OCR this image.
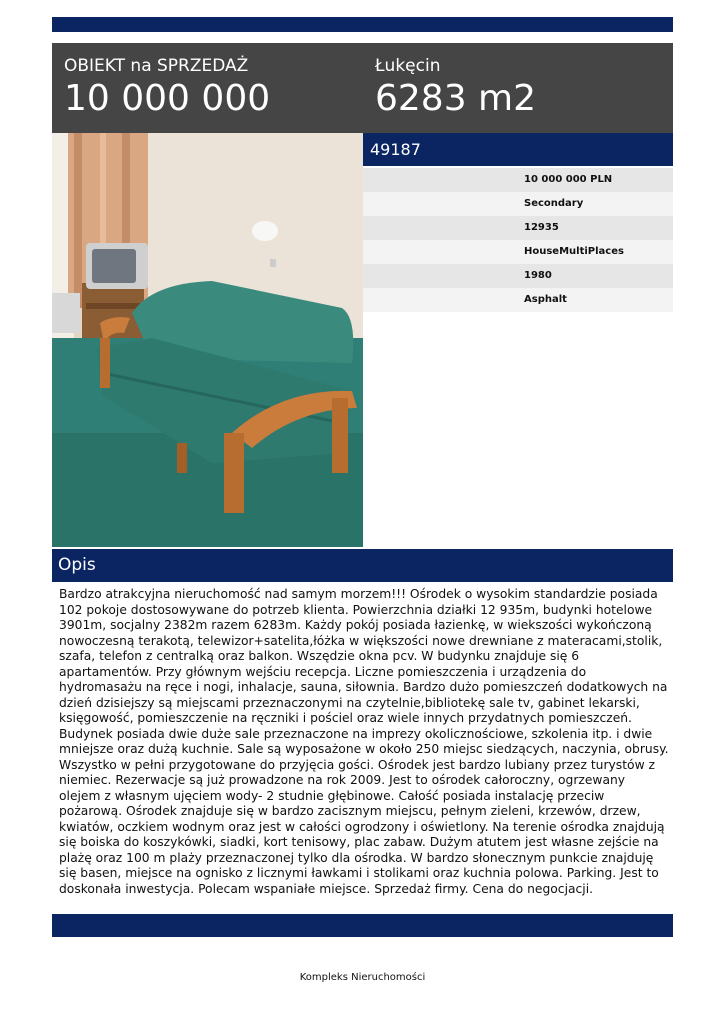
OBIEKT na SPRZEDAŻ
10 000 000
Łukęcin
6283 m2
49187
10 000 000 PLN
Secondary
12935
HouseMultiPlaces
1980
Asphalt
Opis

Bardzo atrakcyjna nieruchomość nad samym morzem!!! Ośrodek o wysokim standardzie posiada 102 pokoje dostosowywane do potrzeb klienta. Powierzchnia działki 12 935m, budynki hotelowe 3901m, socjalny 2382m razem 6283m. Każdy pokój posiada łazienkę, w wiekszości wykończoną nowoczesną terakotą, telewizor+satelita,łóżka w większości nowe drewniane z materacami,stolik, szafa, telefon z centralką oraz balkon. Wszędzie okna pcv. W budynku znajduje się 6 apartamentów. Przy głównym wejściu recepcja. Liczne pomieszczenia i urządzenia do hydromasażu na ręce i nogi, inhalacje, sauna, siłownia. Bardzo dużo pomieszczeń dodatkowych na dzień dzisiejszy są miejscami przeznaczonymi na czytelnie,bibliotekę sale tv, gabinet lekarski, księgowość, pomieszczenie na ręczniki i pościel oraz wiele innych przydatnych pomieszczeń. Budynek posiada dwie duże sale przeznaczone na imprezy okolicznościowe, szkolenia itp. i dwie mniejsze oraz dużą kuchnie. Sale są wyposażone w około 250 miejsc siedzących, naczynia, obrusy. Wszystko w pełni przygotowane do przyjęcia gości. Ośrodek jest bardzo lubiany przez turystów z niemiec. Rezerwacje są już prowadzone na rok 2009. Jest to ośrodek całoroczny, ogrzewany olejem z własnym ujęciem wody- 2 studnie głębinowe. Całość posiada instalację przeciw pożarową. Ośrodek znajduje się w bardzo zacisznym miejscu, pełnym zieleni, krzewów, drzew, kwiatów, oczkiem wodnym oraz jest w całości ogrodzony i oświetlony. Na terenie ośrodka znajdują się boiska do koszykówki, siadki, kort tenisowy, plac zabaw. Dużym atutem jest własne zejście na plażę oraz 100 m plaży przeznaczonej tylko dla ośrodka. W bardzo słonecznym punkcie znajduję się basen, miejsce na ognisko z licznymi ławkami i stolikami oraz kuchnia polowa. Parking. Jest to doskonała inwestycja. Polecam wspaniałe miejsce. Sprzedaż firmy. Cena do negocjacji.

Kompleks Nieruchomości
